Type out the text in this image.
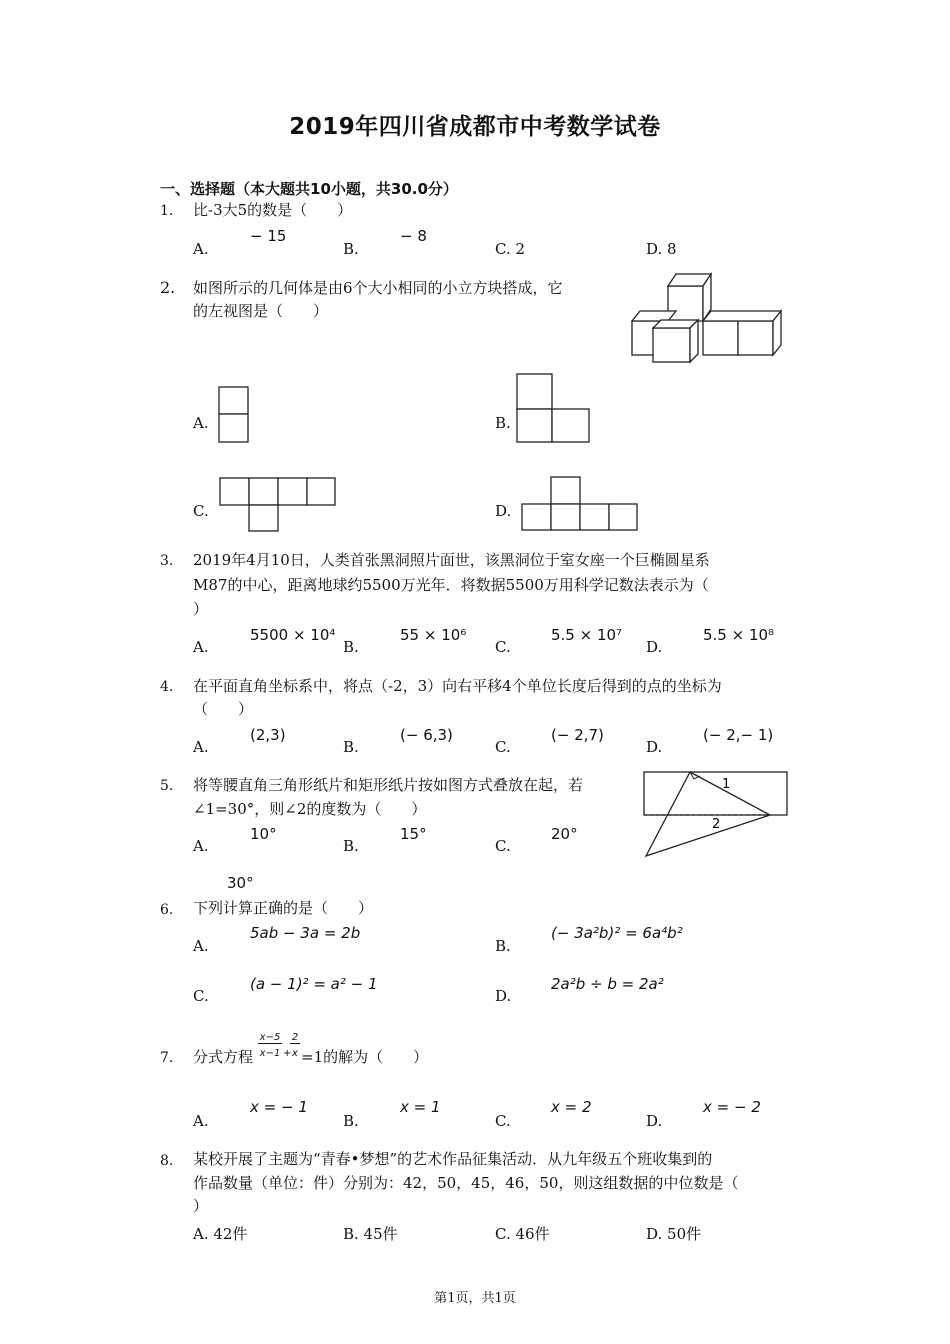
2019年四川省成都市中考数学试卷
一、选择题（本大题共10小题，共30.0分）
1. 比-3大5的数是（　　）
A.
− 15
B.
− 8
C. 2	D. 8
2. 如图所示的几何体是由6个大小相同的小立方块搭成，它
的左视图是（　　）
A.	B.
C.	D.
3. 2019年4月10日，人类首张黑洞照片面世，该黑洞位于室女座一个巨椭圆星系
M87的中心，距离地球约5500万光年．将数据5500万用科学记数法表示为（
）
A.
5500 × 10⁴
B.
55 × 10⁶
C.
5.5 × 10⁷
D.
5.5 × 10⁸
4. 在平面直角坐标系中，将点（-2，3）向右平移4个单位长度后得到的点的坐标为
（　　）
A.
(2,3)
B.
(− 6,3)
C.
(− 2,7)
D.
(− 2,− 1)
5. 将等腰直角三角形纸片和矩形纸片按如图方式叠放在起，若
∠1=30°，则∠2的度数为（　　）
A.
10°
B.
15°
C.
20°
30°
1
2
6. 下列计算正确的是（　　）
A.
5ab − 3a = 2b
B.
(− 3a²b)² = 6a⁴b²
C.
(a − 1)² = a² − 1
D.
2a²b ÷ b = 2a²
7. 分式方程
x−5
x−1 +
2
x =1的解为（　　）
A.
x = − 1
B.
x = 1
C.
x = 2
D.
x = − 2
8. 某校开展了主题为“青春•梦想”的艺术作品征集活动．从九年级五个班收集到的
作品数量（单位：件）分别为：42，50，45，46，50，则这组数据的中位数是（
）
A. 42件	B. 45件	C. 46件	D. 50件
第1页，共1页
